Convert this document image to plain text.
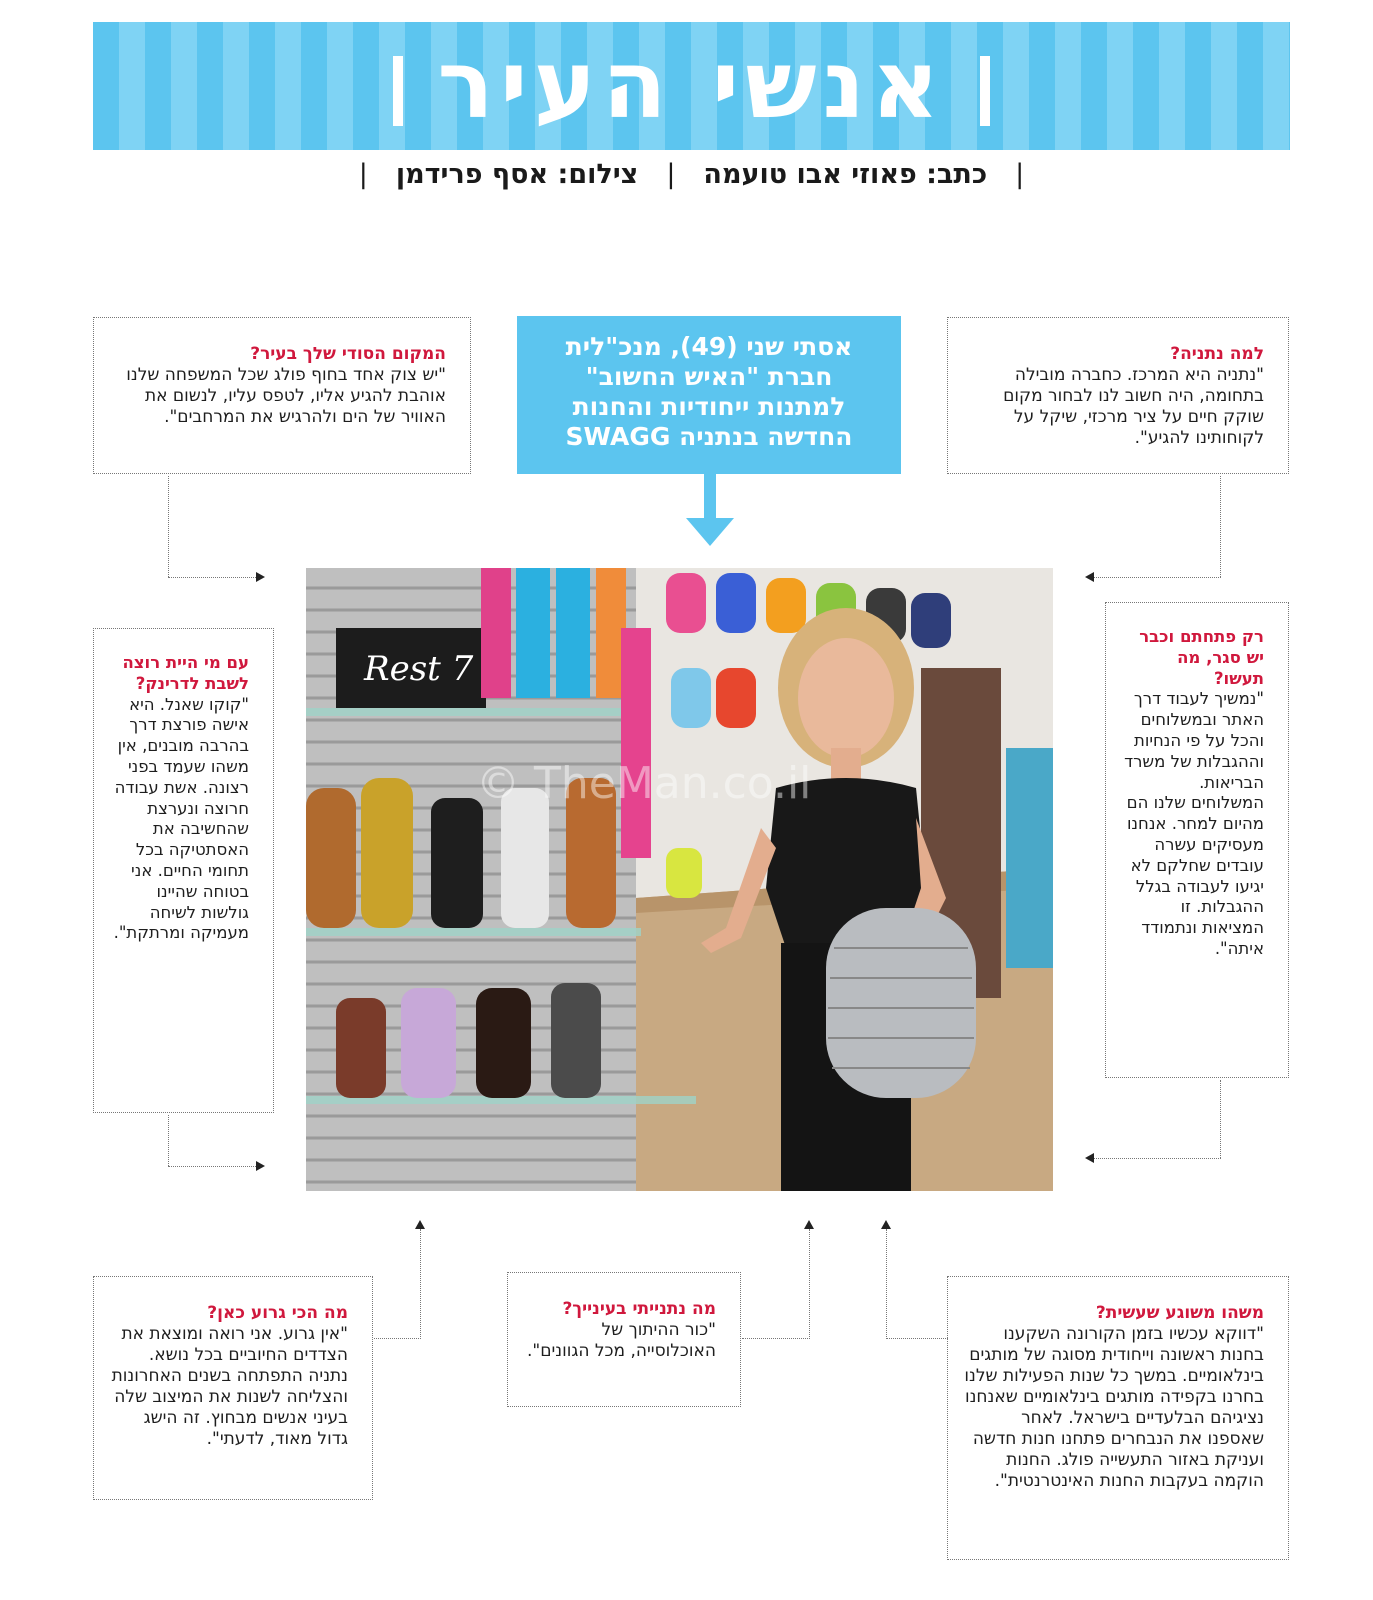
אנשי העיר
|
כתב: פאוזי אבו טועמה
|
צילום: אסף פרידמן
|
אסתי שני (49), מנכ"לית
חברת "האיש החשוב"
למתנות ייחודיות והחנות
החדשה בנתניה SWAGG
למה נתניה?
"נתניה היא המרכז. כחברה מובילה בתחומה, היה חשוב לנו לבחור מקום שוקק חיים על ציר מרכזי, שיקל על לקוחותינו להגיע".
המקום הסודי שלך בעיר?
"יש צוק אחד בחוף פולג שכל המשפחה שלנו אוהבת להגיע אליו, לטפס עליו, לנשום את האוויר של הים ולהרגיש את המרחבים".
רק פתחתם וכבר יש סגר, מה תעשו?
"נמשיך לעבוד דרך האתר ובמשלוחים והכל על פי הנחיות וההגבלות של משרד הבריאות. המשלוחים שלנו הם מהיום למחר. אנחנו מעסיקים עשרה עובדים שחלקם לא יגיעו לעבודה בגלל ההגבלות. זו המציאות ונתמודד איתה".
עם מי היית רוצה לשבת לדרינק?
"קוקו שאנל. היא אישה פורצת דרך בהרבה מובנים, אין משהו שעמד בפני רצונה. אשת עבודה חרוצה ונערצת שהחשיבה את האסתטיקה בכל תחומי החיים. אני בטוחה שהיינו גולשות לשיחה מעמיקה ומרתקת".
מה הכי גרוע כאן?
"אין גרוע. אני רואה ומוצאת את הצדדים החיוביים בכל נושא. נתניה התפתחה בשנים האחרונות והצליחה לשנות את המיצוב שלה בעיני אנשים מבחוץ. זה הישג גדול מאוד, לדעתי".
מה נתנייתי בעינייך?
"כור ההיתוך של האוכלוסייה, מכל הגוונים".
משהו משוגע שעשית?
"דווקא עכשיו בזמן הקורונה השקענו בחנות ראשונה וייחודית מסוגה של מותגים בינלאומיים. במשך כל שנות הפעילות שלנו בחרנו בקפידה מותגים בינלאומיים שאנחנו נציגיהם הבלעדיים בישראל. לאחר שאספנו את הנבחרים פתחנו חנות חדשה ועניקת באזור התעשייה פולג. החנות הוקמה בעקבות החנות האינטרנטית".
Rest 7
© TheMan.co.il
